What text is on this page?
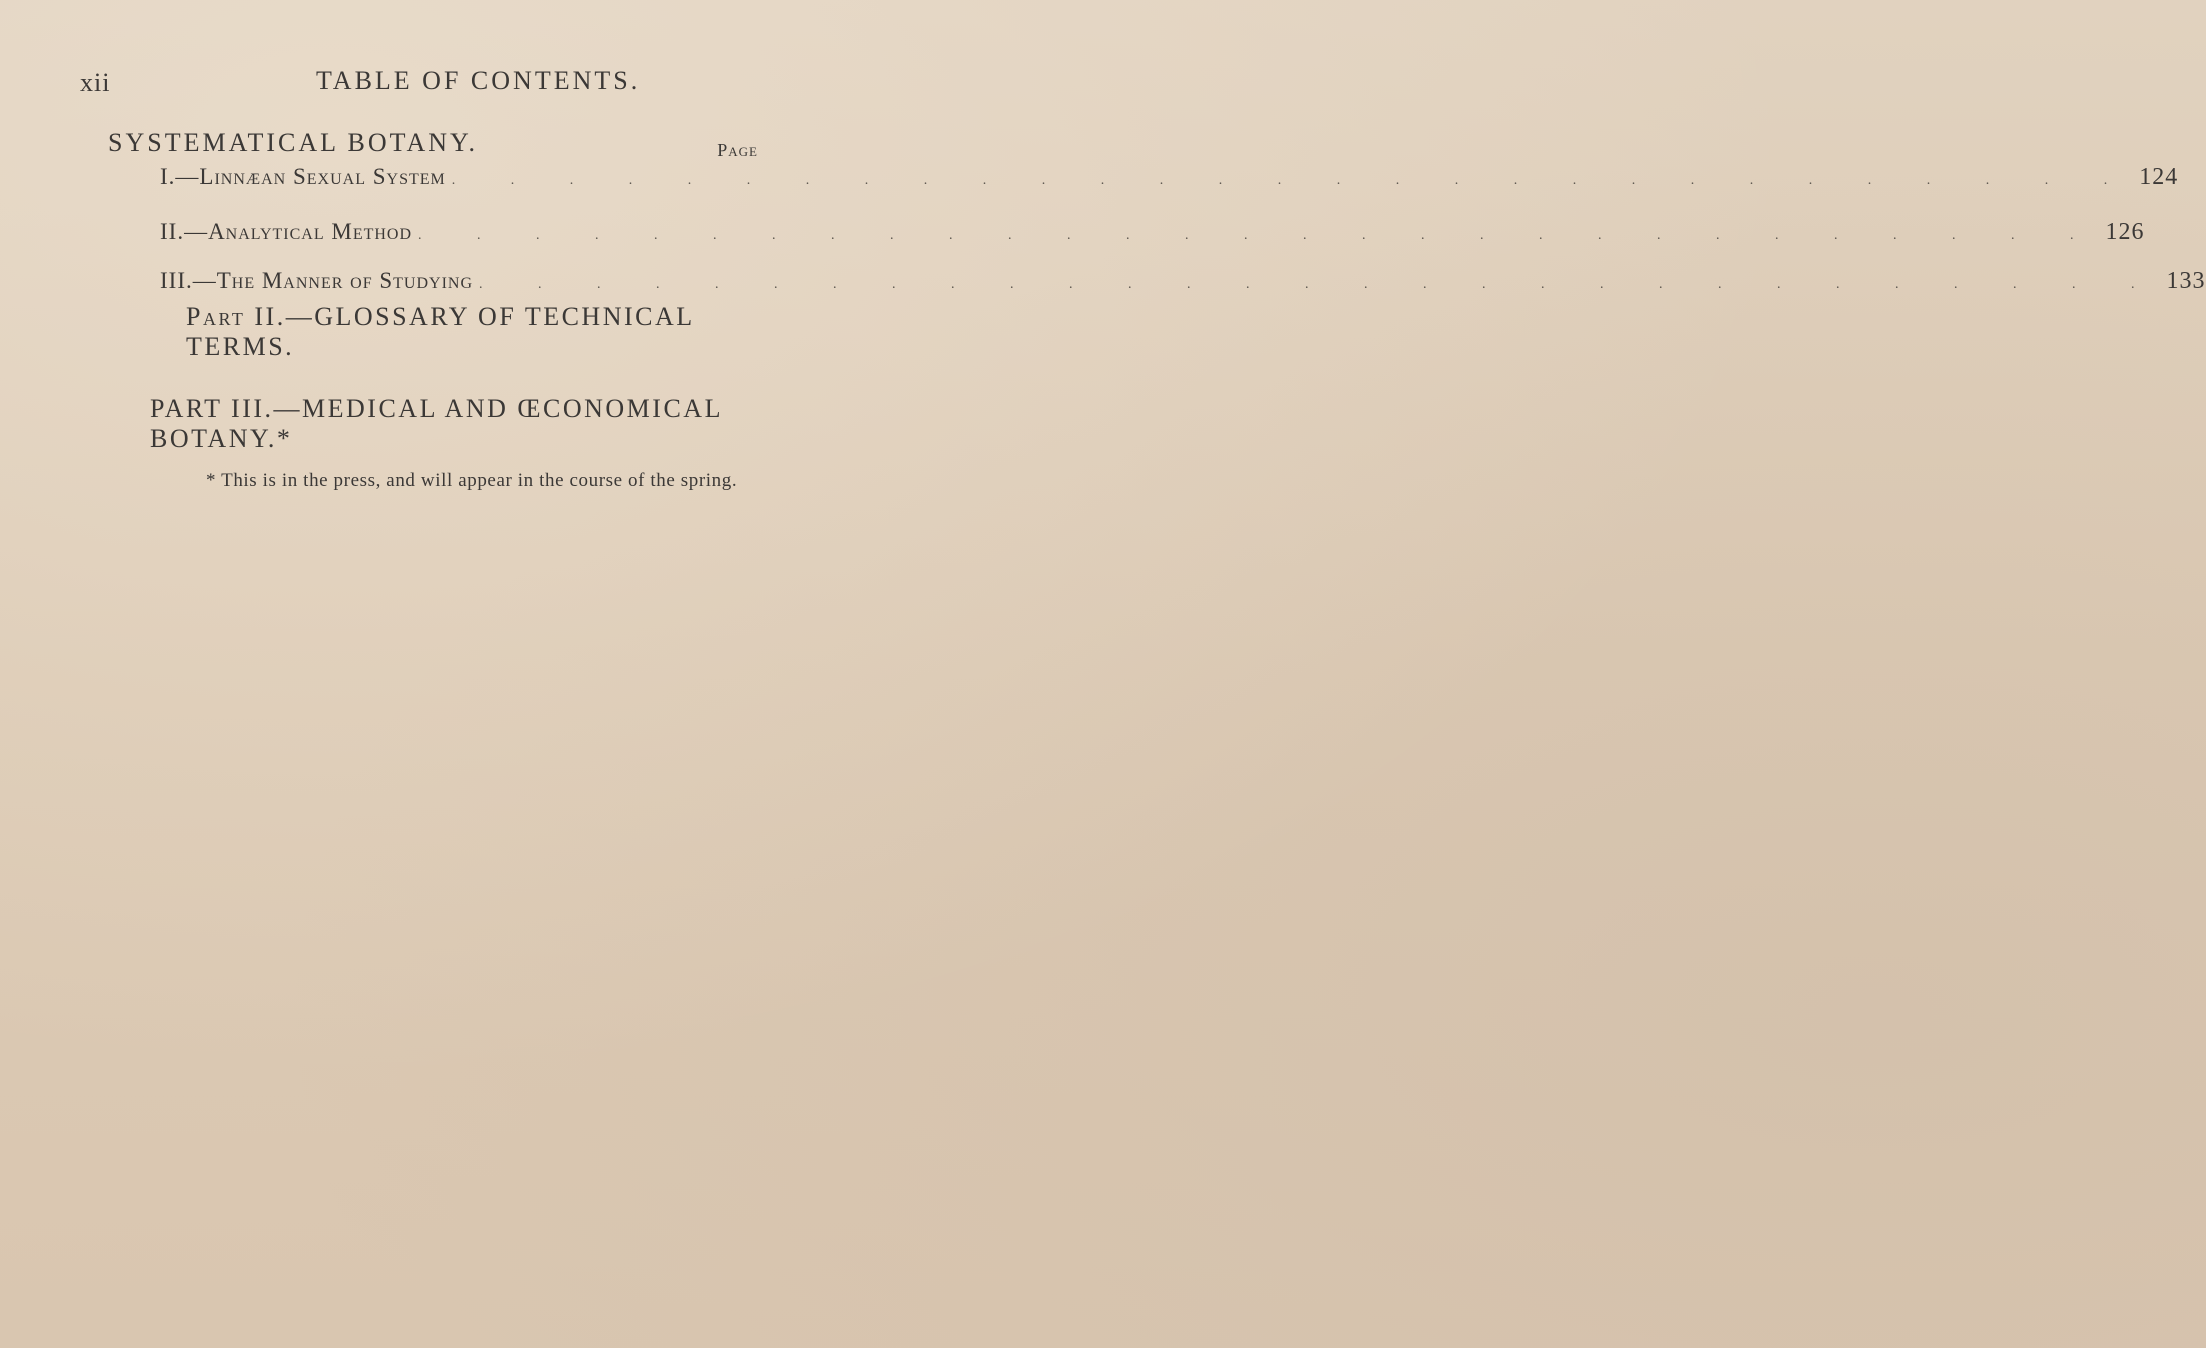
xii	TABLE OF CONTENTS.
SYSTEMATICAL BOTANY.	Page
I.—Linnæan Sexual System . . . . . . . . . . . . . . . . . . . . . . . . . . . . . 124
II.—Analytical Method . . . . . . . . . . . . . . . . . . . . . . . . . . . . . 126
III.—The Manner of Studying . . . . . . . . . . . . . . . . . . . . . . . . . . . . . 133
Part II.—GLOSSARY OF TECHNICAL TERMS.
PART III.—MEDICAL AND ŒCONOMICAL BOTANY.*
* This is in the press, and will appear in the course of the spring.
